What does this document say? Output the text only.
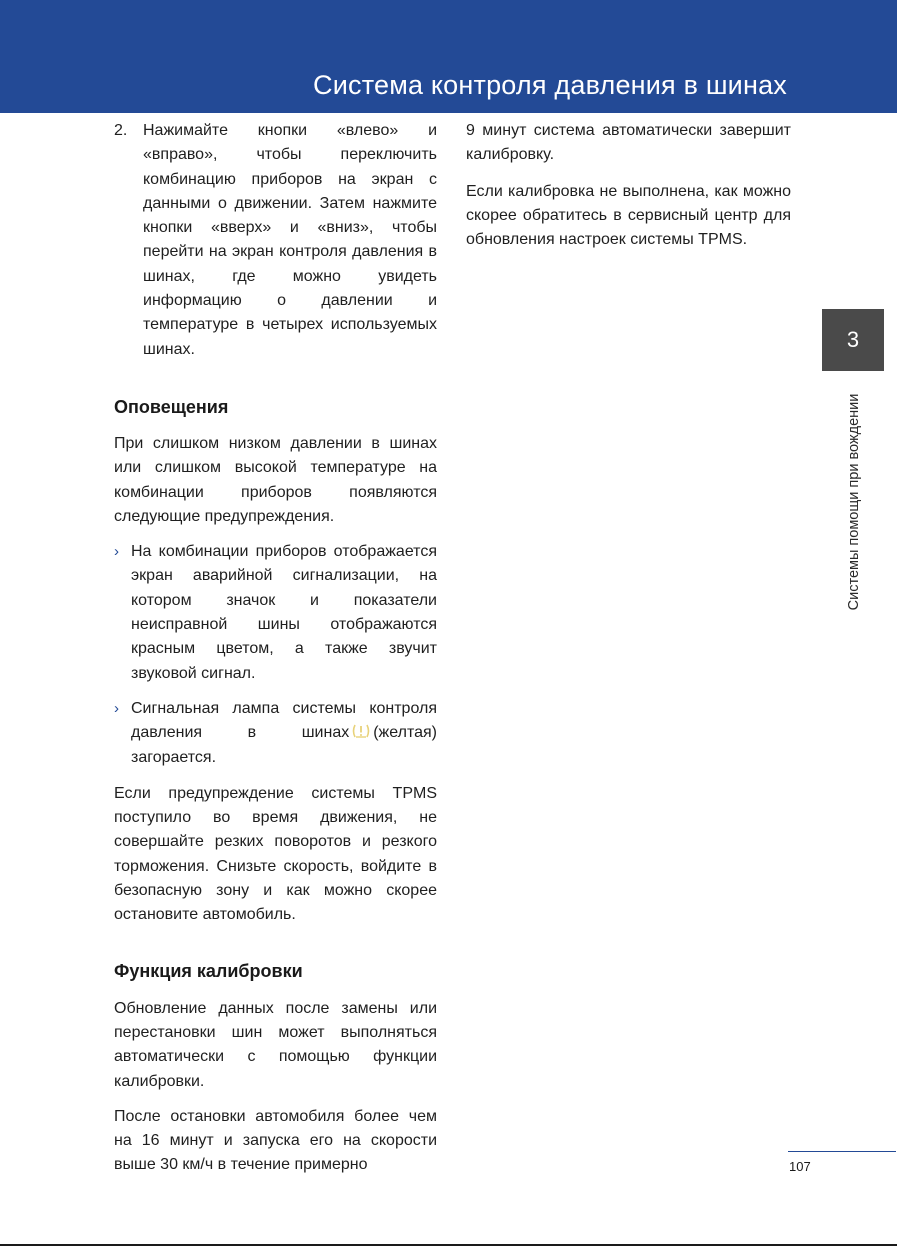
Система контроля давления в шинах
2. Нажимайте кнопки «влево» и «вправо», чтобы переключить комбинацию приборов на экран с данными о движении. Затем нажмите кнопки «вверх» и «вниз», чтобы перейти на экран контроля давления в шинах, где можно увидеть информацию о давлении и температуре в четырех используемых шинах.

Оповещения

При слишком низком давлении в шинах или слишком высокой температуре на комбинации приборов появляются следующие предупреждения.

› На комбинации приборов отображается экран аварийной сигнализации, на котором значок и показатели неисправной шины отображаются красным цветом, а также звучит звуковой сигнал.

› Сигнальная лампа системы контроля давления в шинах (желтая) загорается.

Если предупреждение системы TPMS поступило во время движения, не совершайте резких поворотов и резкого торможения. Снизьте скорость, войдите в безопасную зону и как можно скорее остановите автомобиль.

Функция калибровки

Обновление данных после замены или перестановки шин может выполняться автоматически с помощью функции калибровки.

После остановки автомобиля более чем на 16 минут и запуска его на скорости выше 30 км/ч в течение примерно

9 минут система автоматически завершит калибровку.

Если калибровка не выполнена, как можно скорее обратитесь в сервисный центр для обновления настроек системы TPMS.

3
Системы помощи при вождении
107
